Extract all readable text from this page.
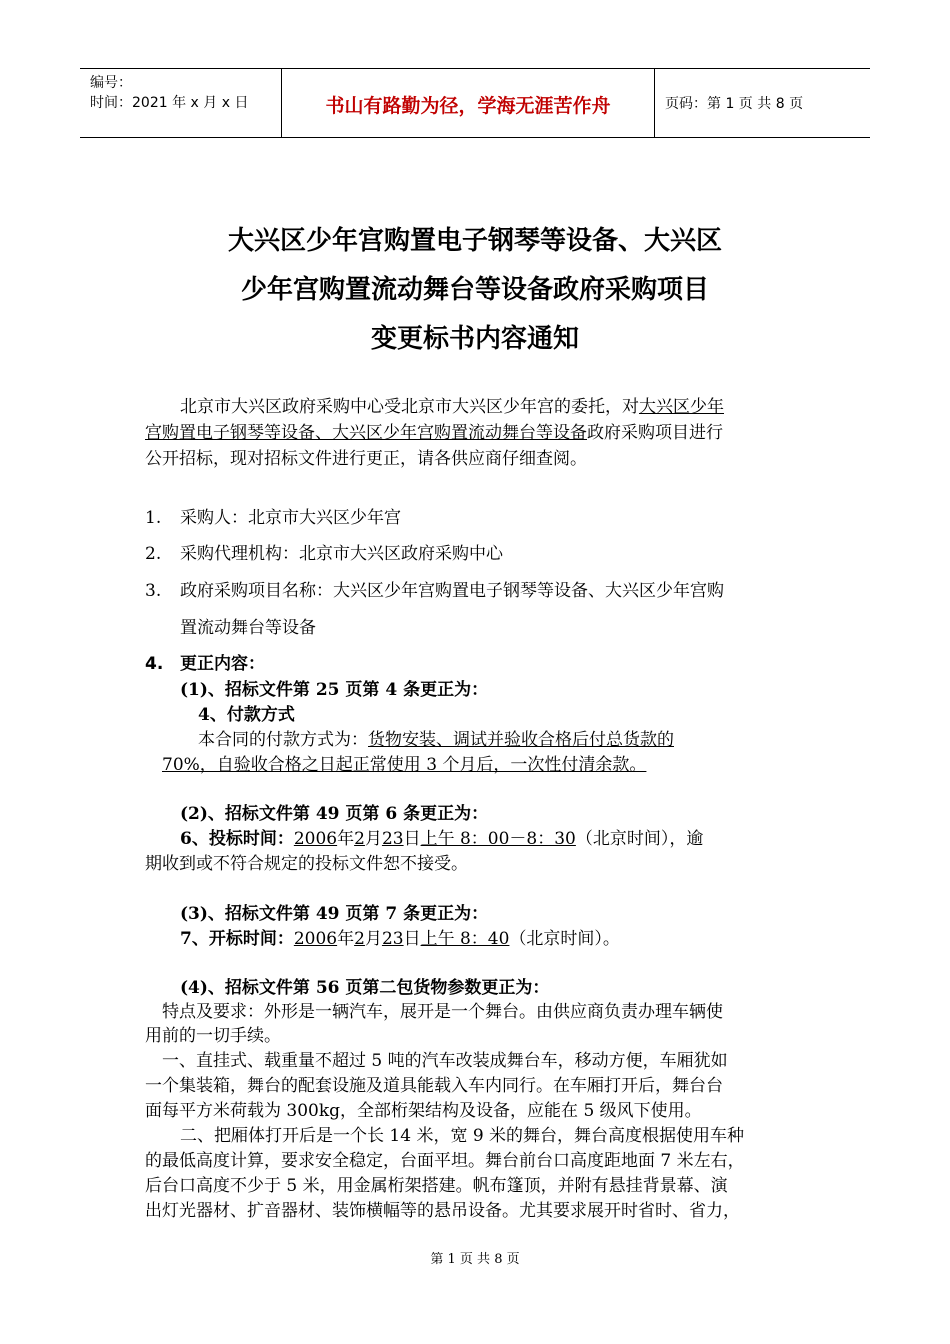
编号：
时间：2021 年 x 月 x 日	书山有路勤为径，学海无涯苦作舟	页码：第 1 页 共 8 页
大兴区少年宫购置电子钢琴等设备、大兴区
少年宫购置流动舞台等设备政府采购项目
变更标书内容通知
北京市大兴区政府采购中心受北京市大兴区少年宫的委托，对大兴区少年
宫购置电子钢琴等设备、大兴区少年宫购置流动舞台等设备政府采购项目进行
公开招标，现对招标文件进行更正，请各供应商仔细查阅。
1. 采购人：北京市大兴区少年宫
2. 采购代理机构：北京市大兴区政府采购中心
3. 政府采购项目名称：大兴区少年宫购置电子钢琴等设备、大兴区少年宫购
置流动舞台等设备
4. 更正内容：
(1)、招标文件第 25 页第 4 条更正为：
4、付款方式
本合同的付款方式为：货物安装、调试并验收合格后付总货款的
70%，自验收合格之日起正常使用 3 个月后，一次性付清余款。
(2)、招标文件第 49 页第 6 条更正为：
6、投标时间：2006年2月23日上午 8：00－8：30（北京时间），逾
期收到或不符合规定的投标文件恕不接受。
(3)、招标文件第 49 页第 7 条更正为：
7、开标时间：2006年2月23日上午 8：40（北京时间）。
(4)、招标文件第 56 页第二包货物参数更正为：
特点及要求：外形是一辆汽车，展开是一个舞台。由供应商负责办理车辆使
用前的一切手续。
一、直挂式、载重量不超过 5 吨的汽车改装成舞台车，移动方便，车厢犹如
一个集装箱，舞台的配套设施及道具能载入车内同行。在车厢打开后，舞台台
面每平方米荷载为 300kg，全部桁架结构及设备，应能在 5 级风下使用。
二、把厢体打开后是一个长 14 米，宽 9 米的舞台，舞台高度根据使用车种
的最低高度计算，要求安全稳定，台面平坦。舞台前台口高度距地面 7 米左右，
后台口高度不少于 5 米，用金属桁架搭建。帆布篷顶，并附有悬挂背景幕、演
出灯光器材、扩音器材、装饰横幅等的悬吊设备。尤其要求展开时省时、省力，
第 1 页 共 8 页
